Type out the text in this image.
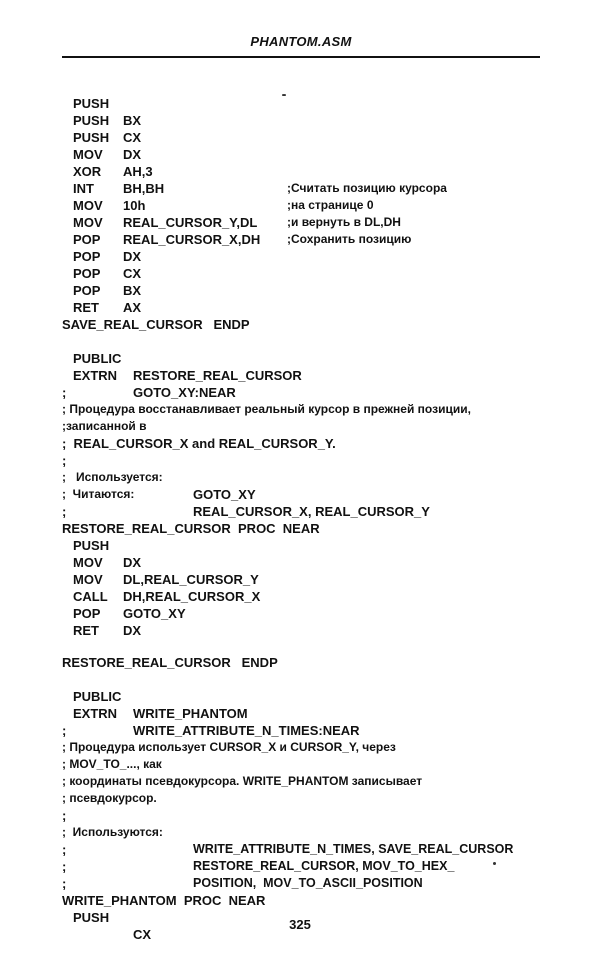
PHANTOM.ASM

PUSH

BX

PUSH

CX

PUSH

DX

MOV

AH,3

;Считать позицию курсора

XOR

BH,BH

;на странице 0

INT

10h

;и вернуть в DL,DH

MOV

REAL_CURSOR_Y,DL

;Сохранить позицию

MOV

REAL_CURSOR_X,DH

POP

DX

POP

CX

POP

BX

POP

AX

RET

SAVE_REAL_CURSOR   ENDP

PUBLIC

RESTORE_REAL_CURSOR

EXTRN

GOTO_XY:NEAR

;

; Процедура восстанавливает реальный курсор в прежней позиции,

;записанной в

;  REAL_CURSOR_X and REAL_CURSOR_Y.

;

;   Используется:

GOTO_XY

;  Читаются:

REAL_CURSOR_X, REAL_CURSOR_Y

;

RESTORE_REAL_CURSOR  PROC  NEAR

PUSH

DX

MOV

DL,REAL_CURSOR_Y

MOV

DH,REAL_CURSOR_X

CALL

GOTO_XY

POP

DX

RET

RESTORE_REAL_CURSOR   ENDP

PUBLIC

WRITE_PHANTOM

EXTRN

WRITE_ATTRIBUTE_N_TIMES:NEAR

;

; Процедура использует CURSOR_X и CURSOR_Y, через

; MOV_TO_..., как

; координаты псевдокурсора. WRITE_PHANTOM записывает

; псевдокурсор.

;

;  Используются:

WRITE_ATTRIBUTE_N_TIMES, SAVE_REAL_CURSOR

;

RESTORE_REAL_CURSOR, MOV_TO_HEX_

;

POSITION,  MOV_TO_ASCII_POSITION

;

WRITE_PHANTOM  PROC  NEAR

PUSH

CX

325
